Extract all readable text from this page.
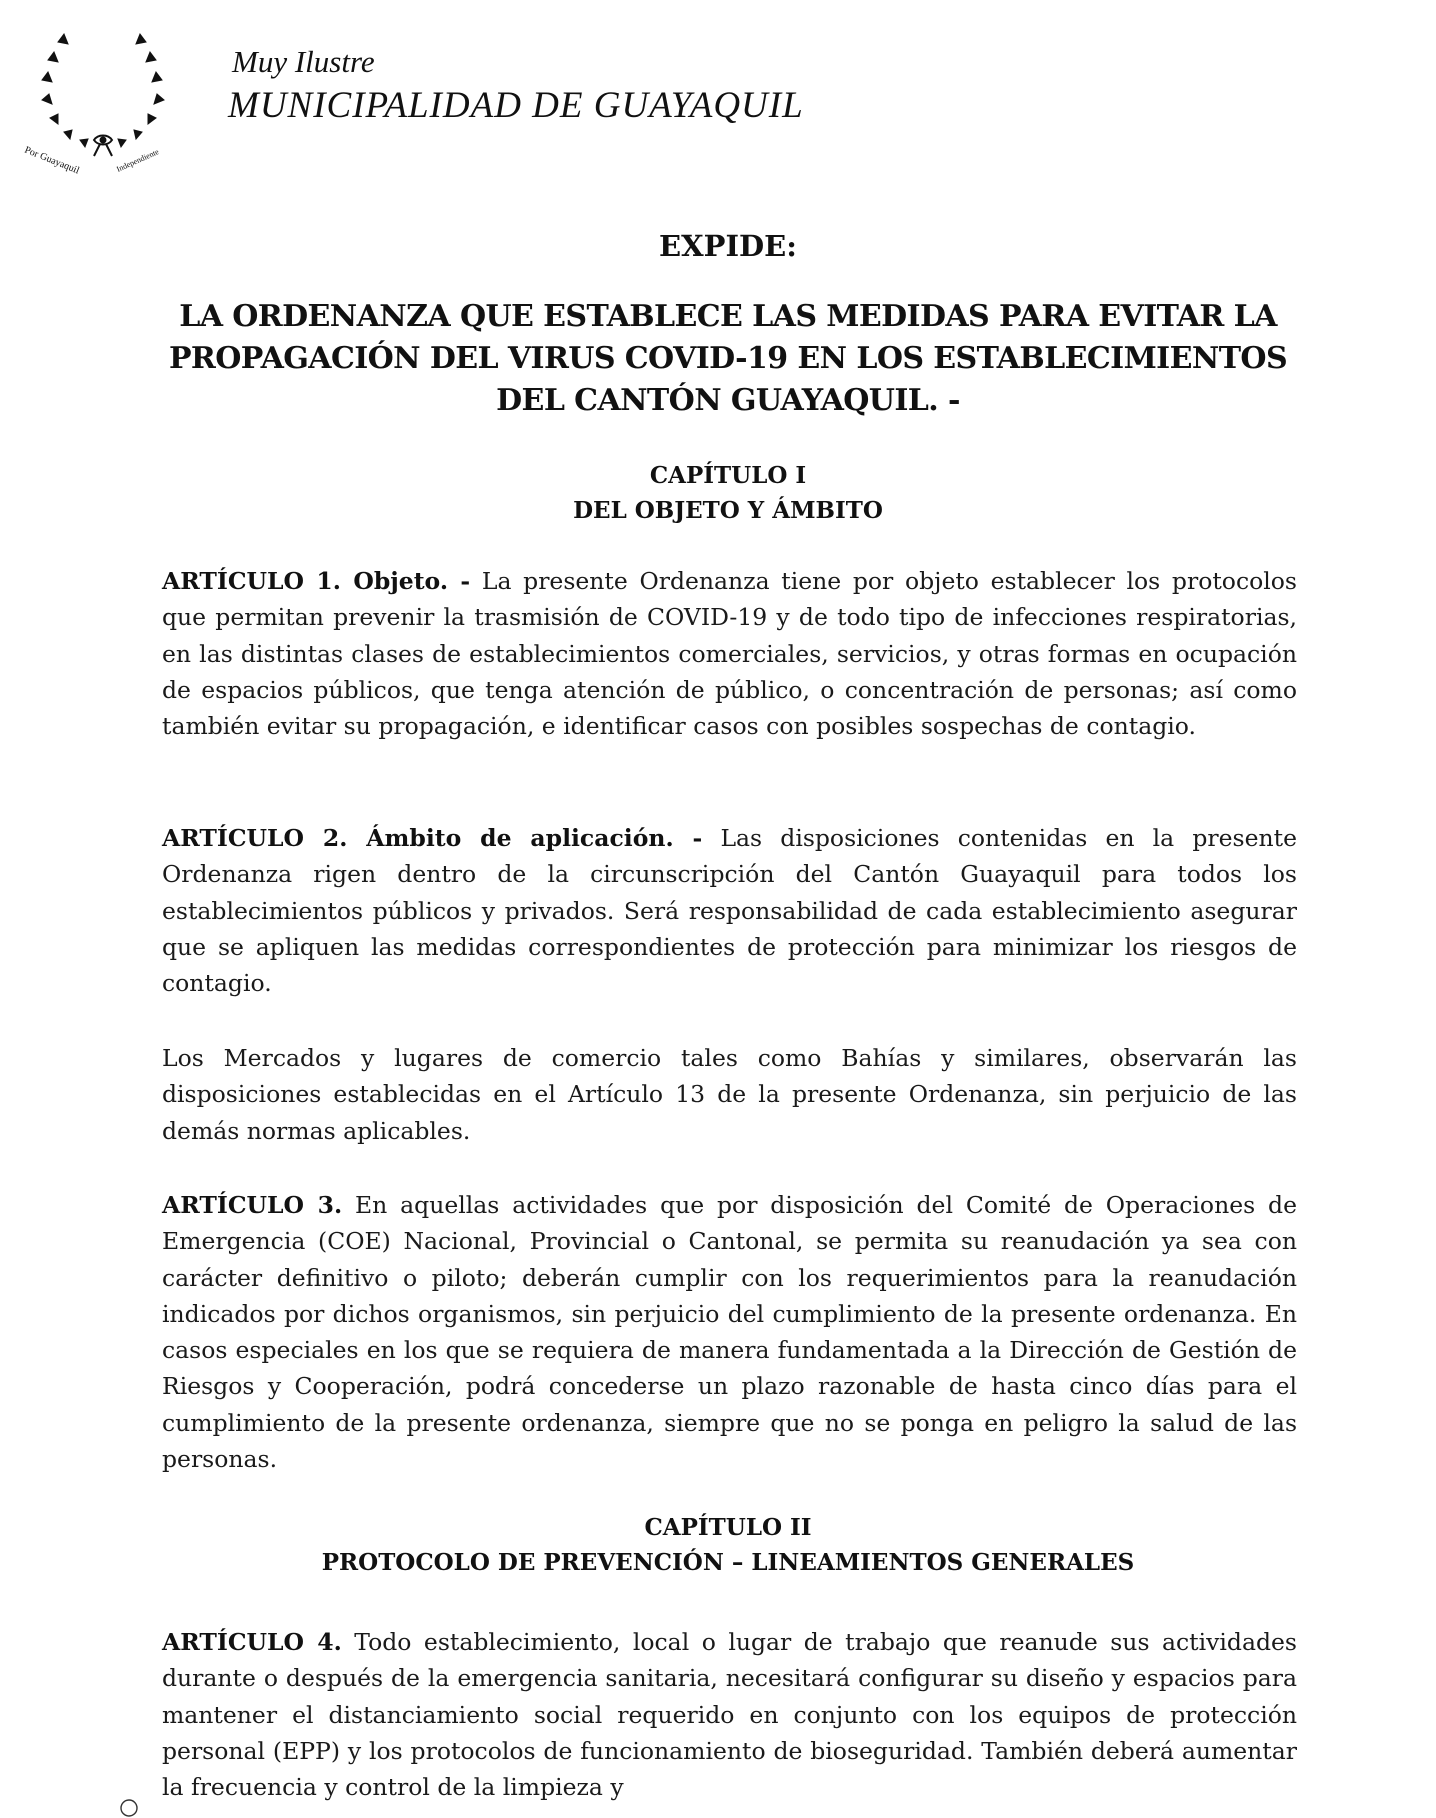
Por Guayaquil	Independiente
Muy Ilustre
MUNICIPALIDAD DE GUAYAQUIL
EXPIDE:
LA ORDENANZA QUE ESTABLECE LAS MEDIDAS PARA EVITAR LA
PROPAGACIÓN DEL VIRUS COVID-19 EN LOS ESTABLECIMIENTOS
DEL CANTÓN GUAYAQUIL. -
CAPÍTULO I
DEL OBJETO Y ÁMBITO
ARTÍCULO 1. Objeto. - La presente Ordenanza tiene por objeto establecer los protocolos que permitan prevenir la trasmisión de COVID-19 y de todo tipo de infecciones respiratorias, en las distintas clases de establecimientos comerciales, servicios, y otras formas en ocupación de espacios públicos, que tenga atención de público, o concentración de personas; así como también evitar su propagación, e identificar casos con posibles sospechas de contagio.
ARTÍCULO 2. Ámbito de aplicación. - Las disposiciones contenidas en la presente Ordenanza rigen dentro de la circunscripción del Cantón Guayaquil para todos los establecimientos públicos y privados. Será responsabilidad de cada establecimiento asegurar que se apliquen las medidas correspondientes de protección para minimizar los riesgos de contagio.
Los Mercados y lugares de comercio tales como Bahías y similares, observarán las disposiciones establecidas en el Artículo 13 de la presente Ordenanza, sin perjuicio de las demás normas aplicables.
ARTÍCULO 3. En aquellas actividades que por disposición del Comité de Operaciones de Emergencia (COE) Nacional, Provincial o Cantonal, se permita su reanudación ya sea con carácter definitivo o piloto; deberán cumplir con los requerimientos para la reanudación indicados por dichos organismos, sin perjuicio del cumplimiento de la presente ordenanza. En casos especiales en los que se requiera de manera fundamentada a la Dirección de Gestión de Riesgos y Cooperación, podrá concederse un plazo razonable de hasta cinco días para el cumplimiento de la presente ordenanza, siempre que no se ponga en peligro la salud de las personas.
CAPÍTULO II
PROTOCOLO DE PREVENCIÓN – LINEAMIENTOS GENERALES
ARTÍCULO 4. Todo establecimiento, local o lugar de trabajo que reanude sus actividades durante o después de la emergencia sanitaria, necesitará configurar su diseño y espacios para mantener el distanciamiento social requerido en conjunto con los equipos de protección personal (EPP) y los protocolos de funcionamiento de bioseguridad. También deberá aumentar la frecuencia y control de la limpieza y
